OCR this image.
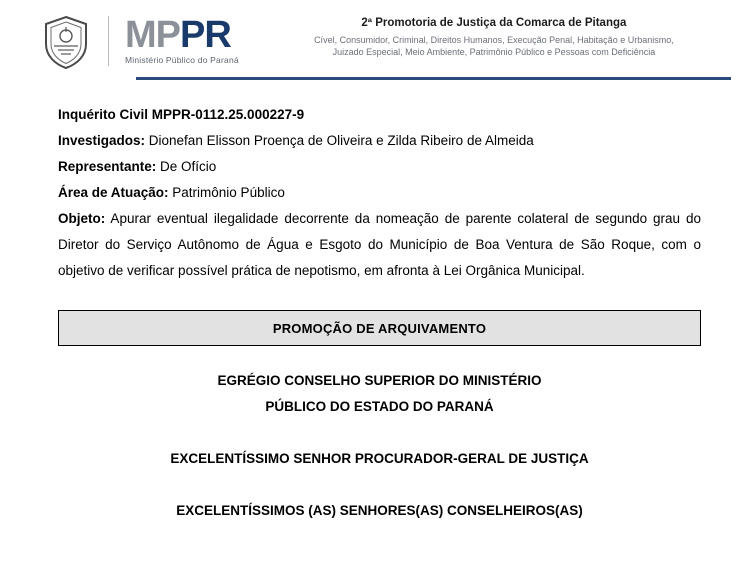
MPPR
Ministério Público do Paraná
2ª Promotoria de Justiça da Comarca de Pitanga
Cível, Consumidor, Criminal, Direitos Humanos, Execução Penal, Habitação e Urbanismo,
Juizado Especial, Meio Ambiente, Patrimônio Público e Pessoas com Deficiência
Inquérito Civil MPPR-0112.25.000227-9
Investigados: Dionefan Elisson Proença de Oliveira e Zilda Ribeiro de Almeida
Representante: De Ofício
Área de Atuação: Patrimônio Público
Objeto: Apurar eventual ilegalidade decorrente da nomeação de parente colateral de segundo grau do Diretor do Serviço Autônomo de Água e Esgoto do Município de Boa Ventura de São Roque, com o objetivo de verificar possível prática de nepotismo, em afronta à Lei Orgânica Municipal.
PROMOÇÃO DE ARQUIVAMENTO
EGRÉGIO CONSELHO SUPERIOR DO MINISTÉRIO
PÚBLICO DO ESTADO DO PARANÁ
EXCELENTÍSSIMO SENHOR PROCURADOR-GERAL DE JUSTIÇA
EXCELENTÍSSIMOS (AS) SENHORES(AS) CONSELHEIROS(AS)
